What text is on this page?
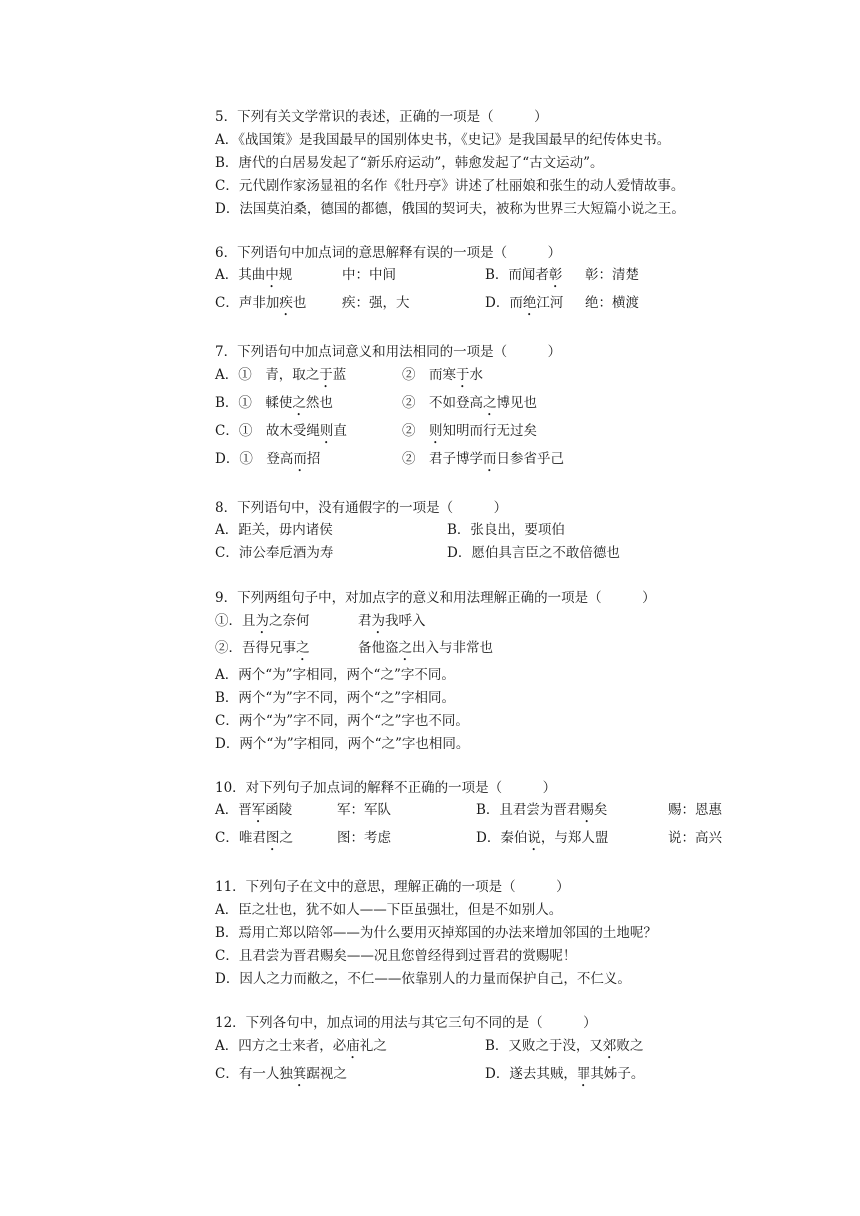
5．下列有关文学常识的表述，正确的一项是（　　　）
A．《战国策》是我国最早的国别体史书，《史记》是我国最早的纪传体史书。
B．唐代的白居易发起了“新乐府运动”，韩愈发起了“古文运动”。
C．元代剧作家汤显祖的名作《牡丹亭》讲述了杜丽娘和张生的动人爱情故事。
D．法国莫泊桑，德国的都德，俄国的契诃夫，被称为世界三大短篇小说之王。
6．下列语句中加点词的意思解释有误的一项是（　　　）
A．其曲中规	中：中间	B．而闻者彰 彰：清楚
C．声非加疾也	疾：强，大	D．而绝江河 绝：横渡
7．下列语句中加点词意义和用法相同的一项是（　　　）
A．①　青，取之于蓝	②　而寒于水
B．①　輮使之然也	②　不如登高之博见也
C．①　故木受绳则直	②　则知明而行无过矣
D．①　登高而招	②　君子博学而日参省乎己
8．下列语句中，没有通假字的一项是（　　　）
A．距关，毋内诸侯	B．张良出，要项伯
C．沛公奉卮酒为寿	D．愿伯具言臣之不敢倍德也
9．下列两组句子中，对加点字的意义和用法理解正确的一项是（　　　）
①．且为之奈何	君为我呼入
②．吾得兄事之	备他盗之出入与非常也
A．两个“为”字相同，两个“之”字不同。
B．两个“为”字不同，两个“之”字相同。
C．两个“为”字不同，两个“之”字也不同。
D．两个“为”字相同，两个“之”字也相同。
10．对下列句子加点词的解释不正确的一项是（　　　）
A．晋军函陵	军：军队	B．且君尝为晋君赐矣	赐：恩惠
C．唯君图之	图：考虑	D．秦伯说，与郑人盟	说：高兴
11．下列句子在文中的意思，理解正确的一项是（　　　）
A．臣之壮也，犹不如人——下臣虽强壮，但是不如别人。
B．焉用亡郑以陪邻——为什么要用灭掉郑国的办法来增加邻国的土地呢？
C．且君尝为晋君赐矣——况且您曾经得到过晋君的赏赐呢！
D．因人之力而敝之，不仁——依靠别人的力量而保护自己，不仁义。
12．下列各句中，加点词的用法与其它三句不同的是（　　　）
A．四方之士来者，必庙礼之	B．又败之于没，又郊败之
C．有一人独箕踞视之	D．遂去其贼，罪其姊子。
